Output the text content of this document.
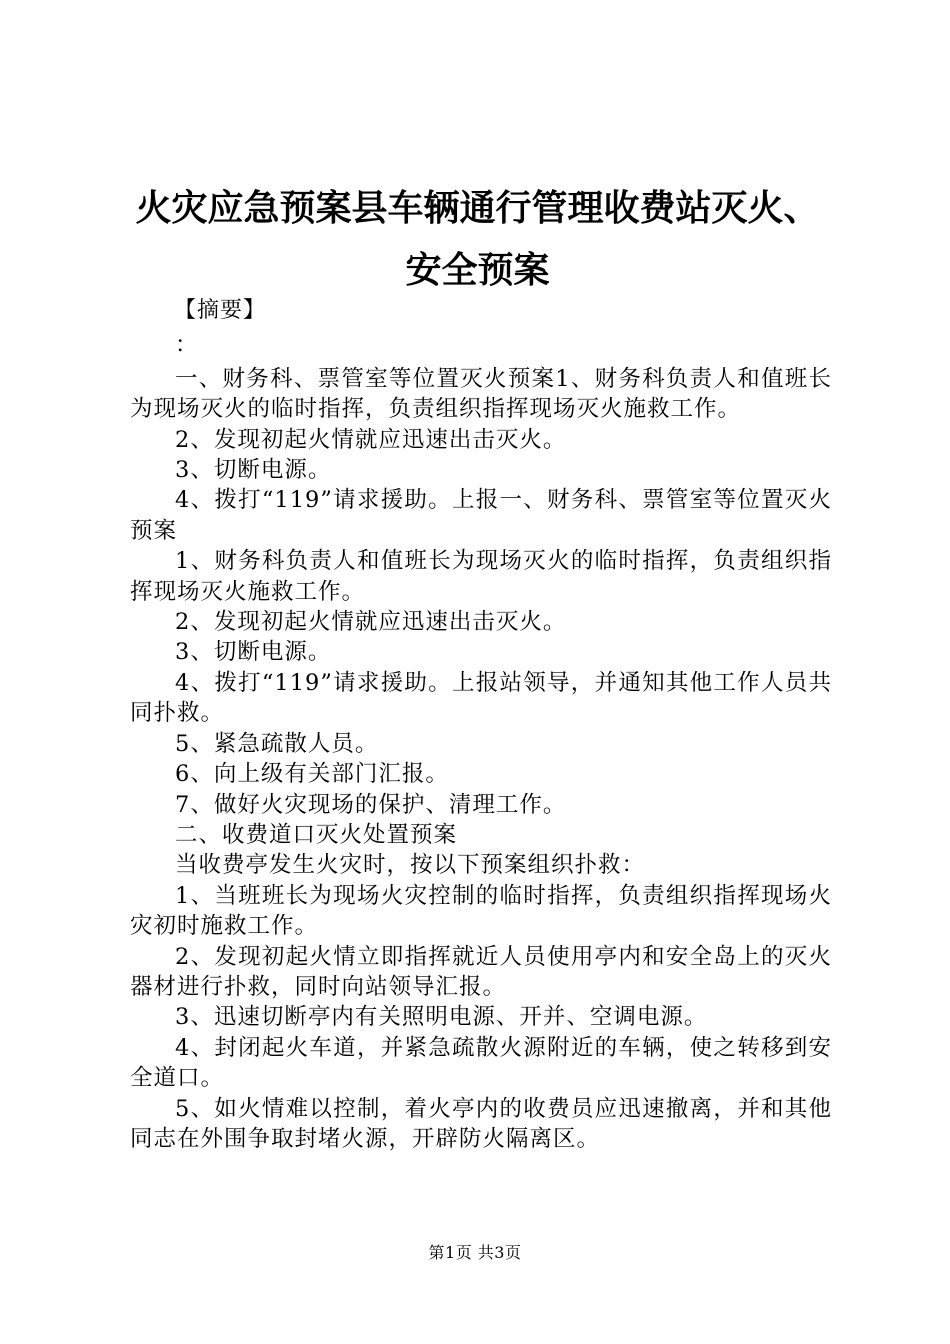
火灾应急预案县车辆通行管理收费站灭火、安全预案

【摘要】

：

一、财务科、票管室等位置灭火预案1、财务科负责人和值班长为现场灭火的临时指挥，负责组织指挥现场灭火施救工作。

2、发现初起火情就应迅速出击灭火。

3、切断电源。

4、拨打“119”请求援助。上报一、财务科、票管室等位置灭火预案

1、财务科负责人和值班长为现场灭火的临时指挥，负责组织指挥现场灭火施救工作。

2、发现初起火情就应迅速出击灭火。

3、切断电源。

4、拨打“119”请求援助。上报站领导，并通知其他工作人员共同扑救。

5、紧急疏散人员。

6、向上级有关部门汇报。

7、做好火灾现场的保护、清理工作。

二、收费道口灭火处置预案

当收费亭发生火灾时，按以下预案组织扑救：

1、当班班长为现场火灾控制的临时指挥，负责组织指挥现场火灾初时施救工作。

2、发现初起火情立即指挥就近人员使用亭内和安全岛上的灭火器材进行扑救，同时向站领导汇报。

3、迅速切断亭内有关照明电源、开并、空调电源。

4、封闭起火车道，并紧急疏散火源附近的车辆，使之转移到安全道口。

5、如火情难以控制，着火亭内的收费员应迅速撤离，并和其他同志在外围争取封堵火源，开辟防火隔离区。

第1页 共3页
